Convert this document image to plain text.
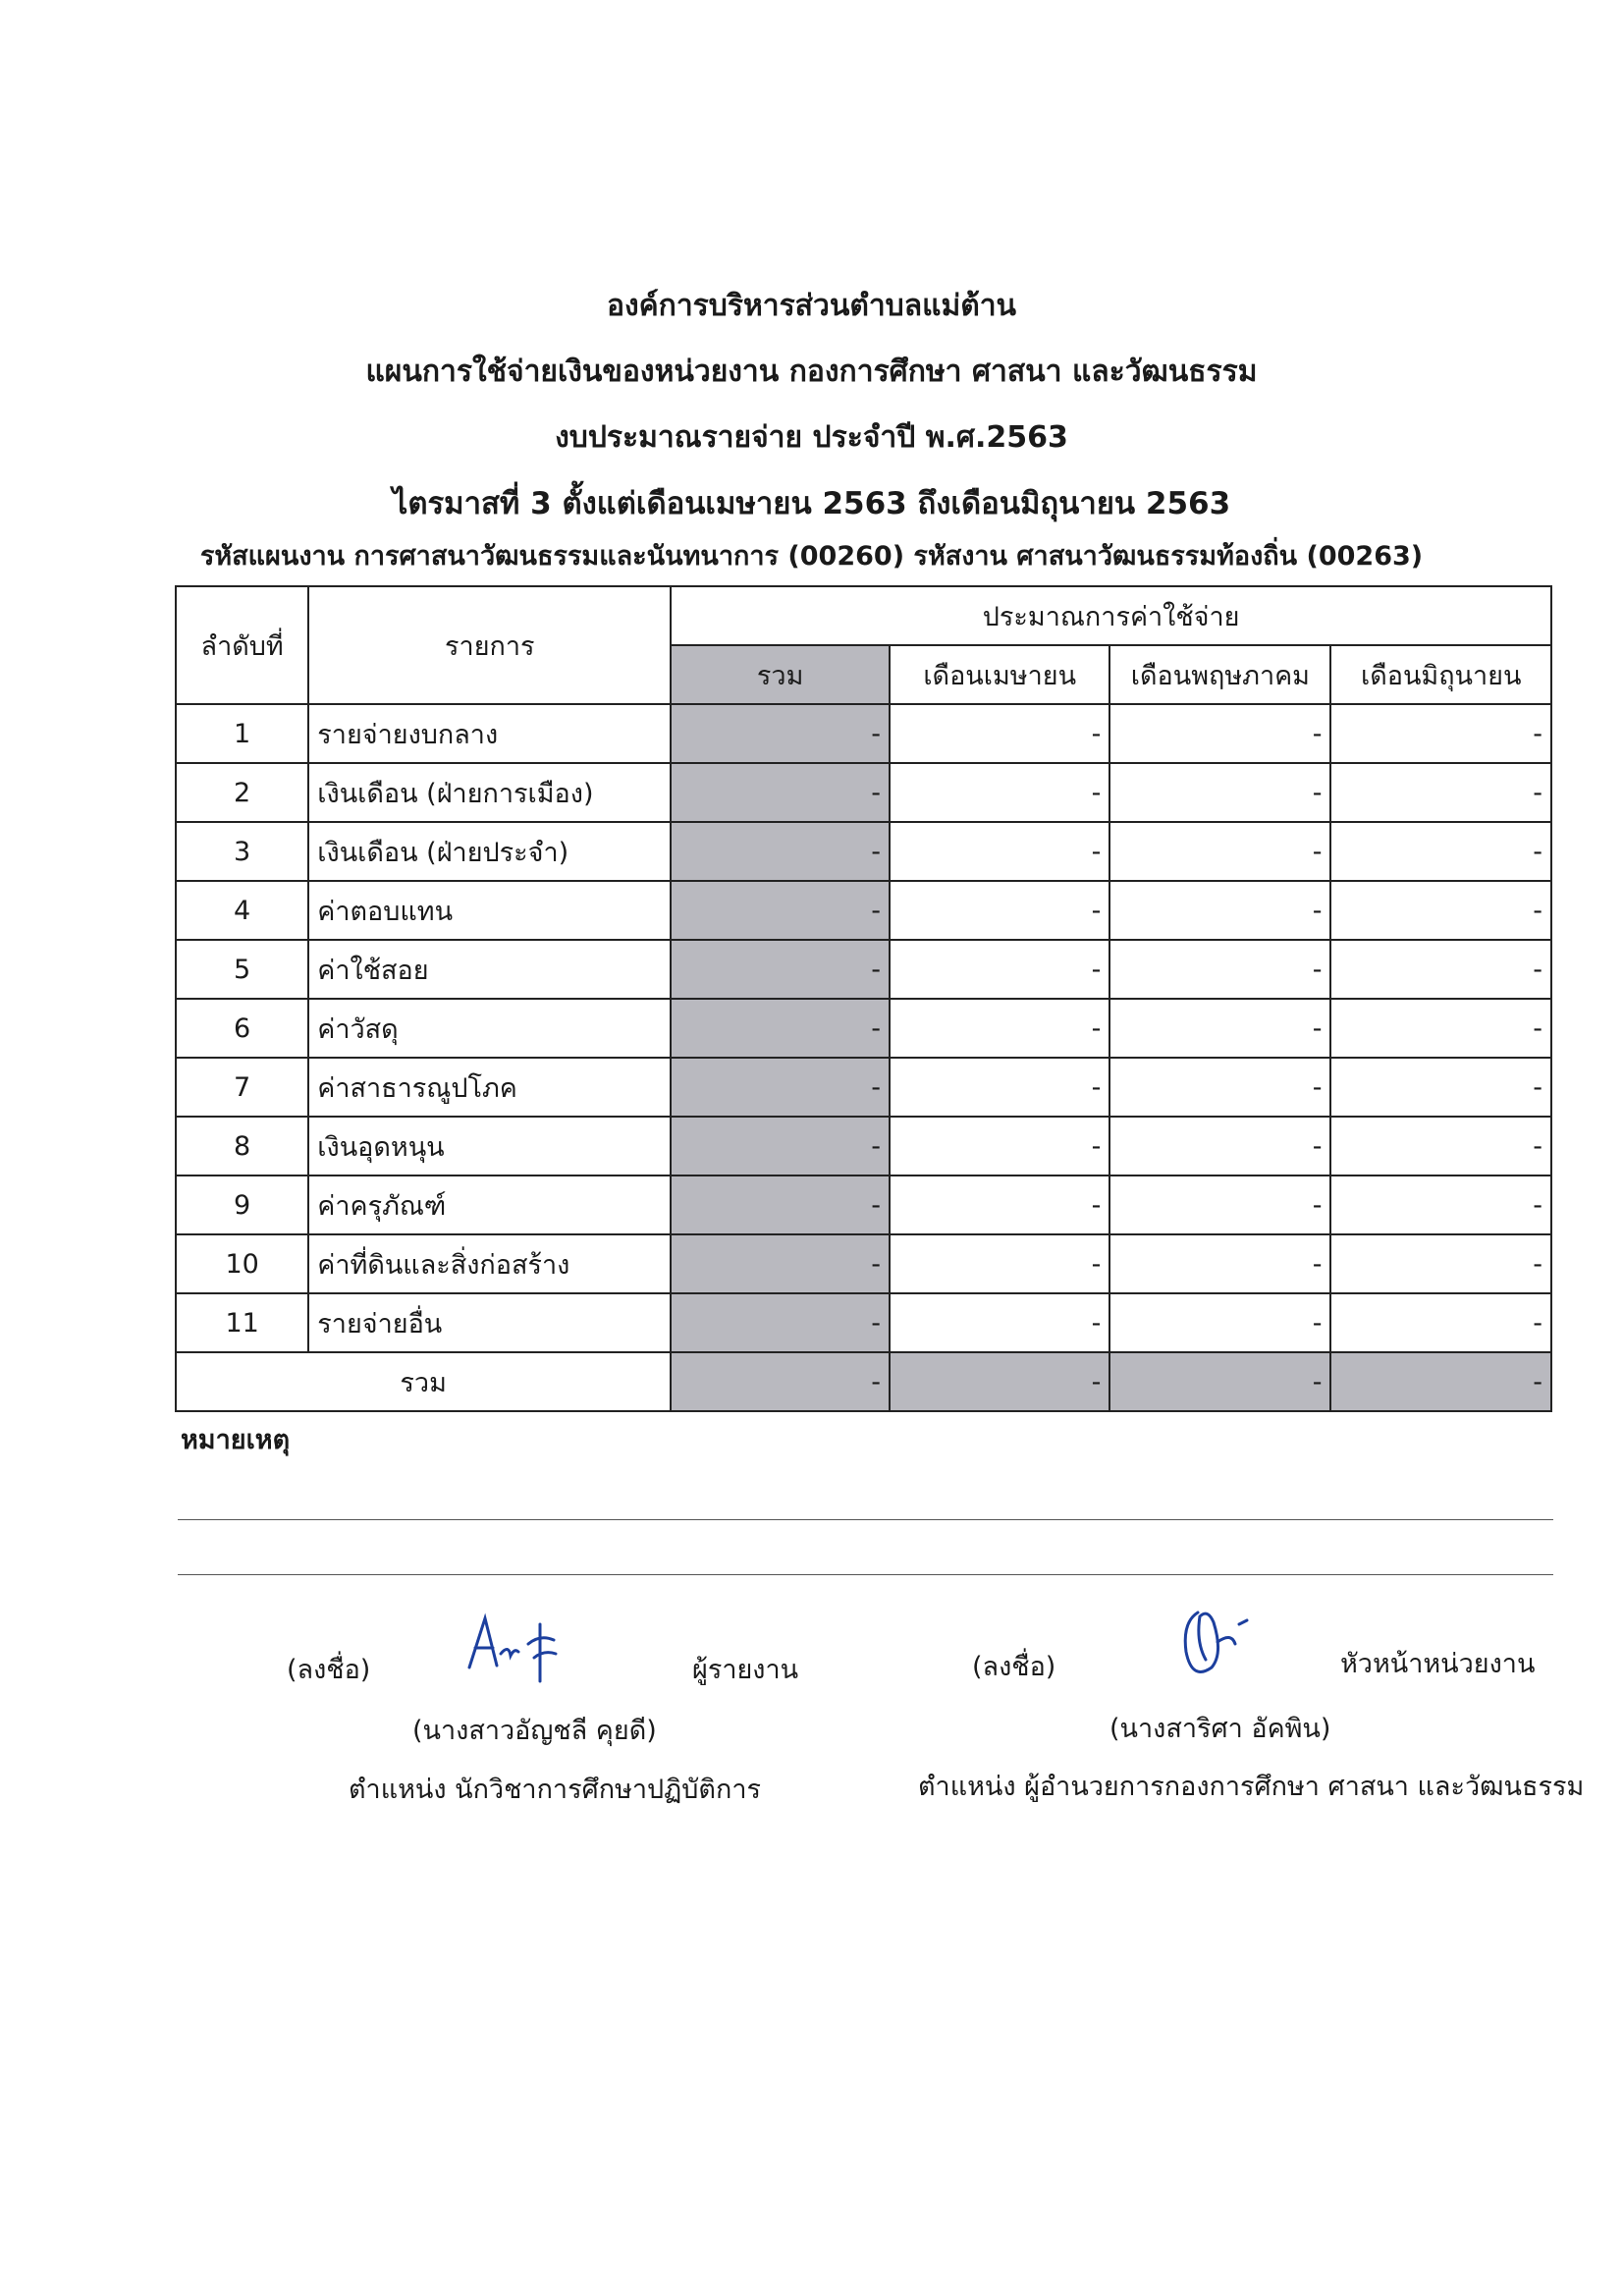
องค์การบริหารส่วนตำบลแม่ต้าน
แผนการใช้จ่ายเงินของหน่วยงาน กองการศึกษา ศาสนา และวัฒนธรรม
งบประมาณรายจ่าย ประจำปี พ.ศ.2563
ไตรมาสที่ 3 ตั้งแต่เดือนเมษายน 2563 ถึงเดือนมิถุนายน 2563
รหัสแผนงาน การศาสนาวัฒนธรรมและนันทนาการ (00260) รหัสงาน ศาสนาวัฒนธรรมท้องถิ่น (00263)
ลำดับที่	รายการ	ประมาณการค่าใช้จ่าย			
		รวม	เดือนเมษายน	เดือนพฤษภาคม	เดือนมิถุนายน
1	รายจ่ายงบกลาง	-	-	-	-
2	เงินเดือน (ฝ่ายการเมือง)	-	-	-	-
3	เงินเดือน (ฝ่ายประจำ)	-	-	-	-
4	ค่าตอบแทน	-	-	-	-
5	ค่าใช้สอย	-	-	-	-
6	ค่าวัสดุ	-	-	-	-
7	ค่าสาธารณูปโภค	-	-	-	-
8	เงินอุดหนุน	-	-	-	-
9	ค่าครุภัณฑ์	-	-	-	-
10	ค่าที่ดินและสิ่งก่อสร้าง	-	-	-	-
11	รายจ่ายอื่น	-	-	-	-
รวม		-	-	-	-
หมายเหตุ
(ลงชื่อ)	ผู้รายงาน
(นางสาวอัญชลี คุยดี)
ตำแหน่ง นักวิชาการศึกษาปฏิบัติการ
(ลงชื่อ)	หัวหน้าหน่วยงาน
(นางสาริศา อัคพิน)
ตำแหน่ง ผู้อำนวยการกองการศึกษา ศาสนา และวัฒนธรรม
